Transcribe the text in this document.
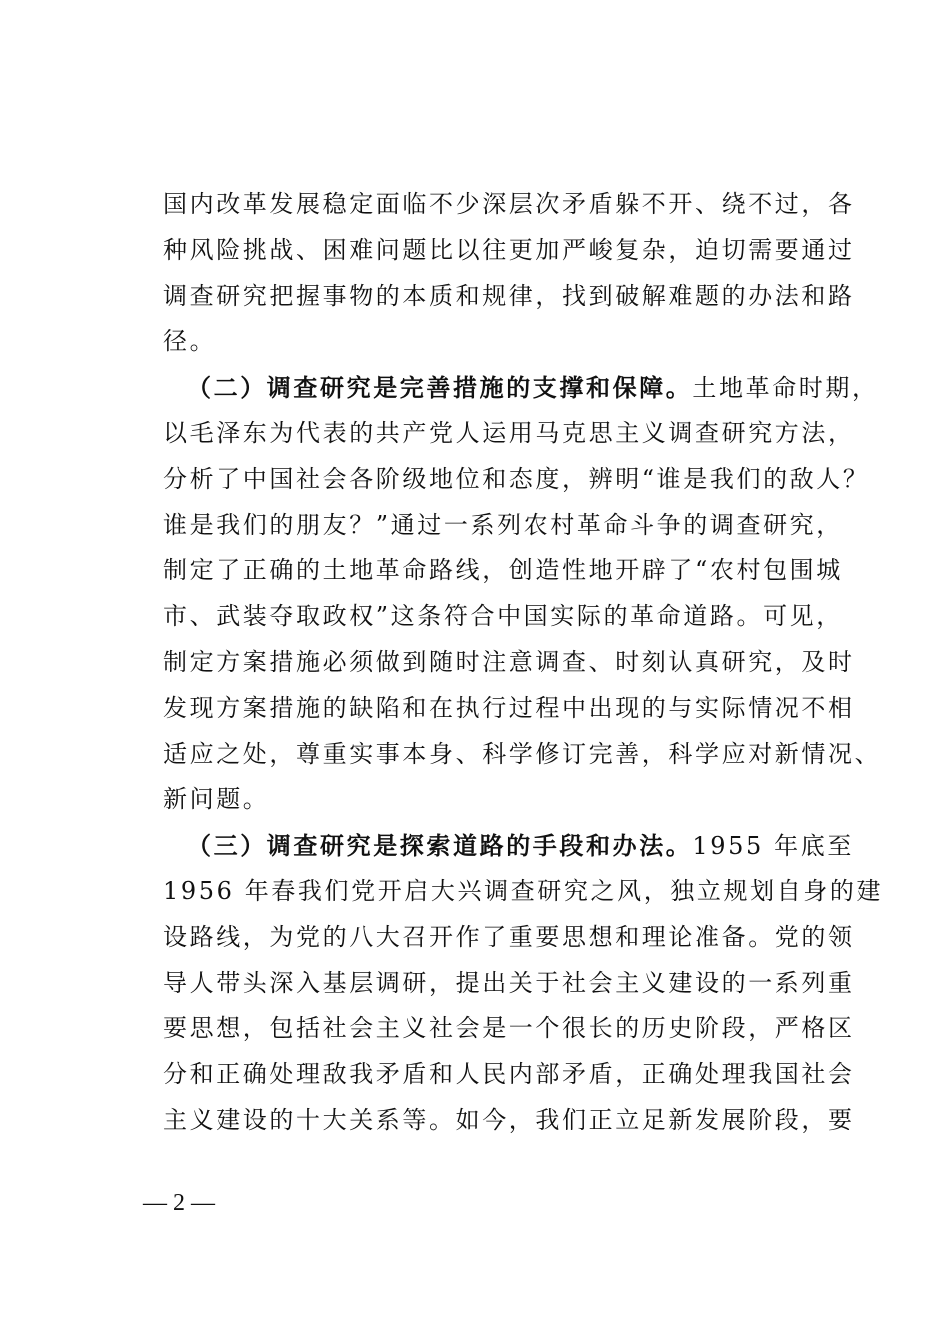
国内改革发展稳定面临不少深层次矛盾躲不开、绕不过，各
种风险挑战、困难问题比以往更加严峻复杂，迫切需要通过
调查研究把握事物的本质和规律，找到破解难题的办法和路
径。
（二）调查研究是完善措施的支撑和保障。土地革命时期，
以毛泽东为代表的共产党人运用马克思主义调查研究方法，
分析了中国社会各阶级地位和态度，辨明“谁是我们的敌人？
谁是我们的朋友？”通过一系列农村革命斗争的调查研究，
制定了正确的土地革命路线，创造性地开辟了“农村包围城
市、武装夺取政权”这条符合中国实际的革命道路。可见，
制定方案措施必须做到随时注意调查、时刻认真研究，及时
发现方案措施的缺陷和在执行过程中出现的与实际情况不相
适应之处，尊重实事本身、科学修订完善，科学应对新情况、
新问题。
（三）调查研究是探索道路的手段和办法。1955 年底至
1956 年春我们党开启大兴调查研究之风，独立规划自身的建
设路线，为党的八大召开作了重要思想和理论准备。党的领
导人带头深入基层调研，提出关于社会主义建设的一系列重
要思想，包括社会主义社会是一个很长的历史阶段，严格区
分和正确处理敌我矛盾和人民内部矛盾，正确处理我国社会
主义建设的十大关系等。如今，我们正立足新发展阶段，要
— 2 —
